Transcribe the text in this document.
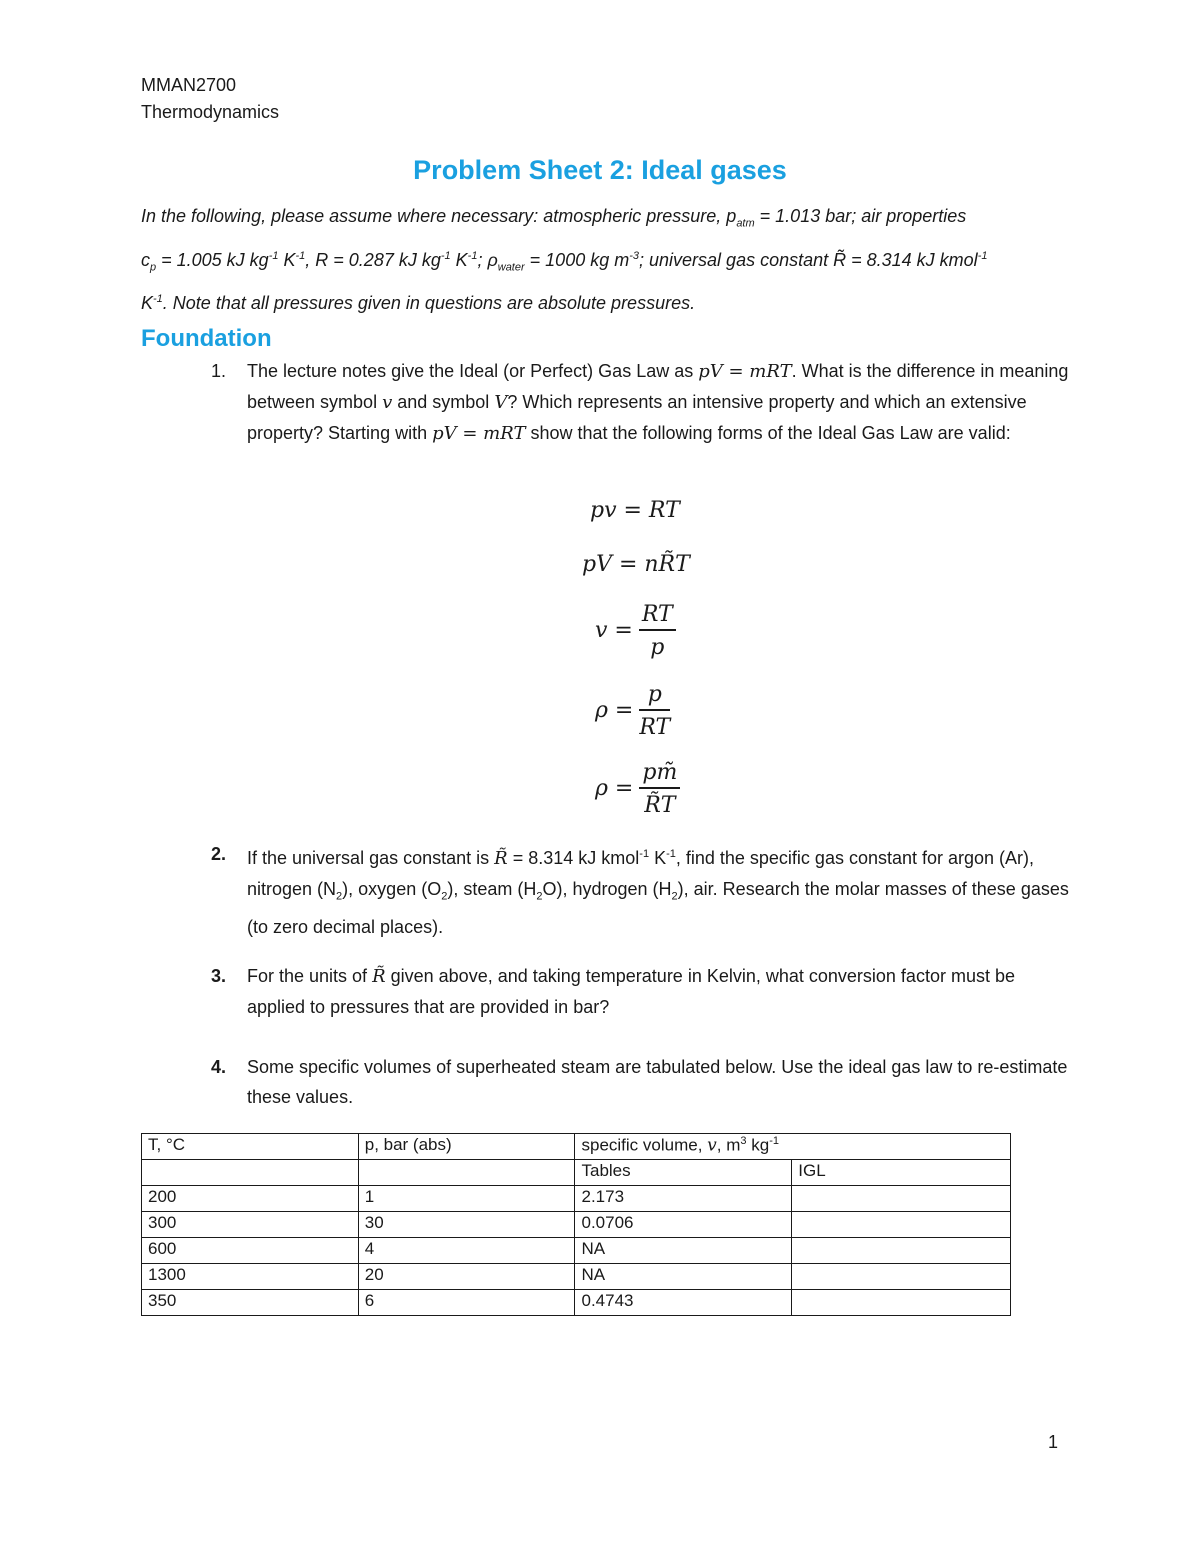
MMAN2700
Thermodynamics
Problem Sheet 2: Ideal gases
In the following, please assume where necessary: atmospheric pressure, $p_{atm} = 1.013$ bar; air properties
$c_p = 1.005$ kJ $kg^{-1}$ $K^{-1}$, R = 0.287 kJ $kg^{-1}$ $K^{-1}$; $\rho_{water} = 1000$ kg $m^{-3}$; universal gas constant R̃ = 8.314 kJ kmol$^{-1}$
$K^{-1}$. Note that all pressures given in questions are absolute pressures.
Foundation
1. The lecture notes give the Ideal (or Perfect) Gas Law as pV = mRT. What is the difference in meaning between symbol v and symbol V? Which represents an intensive property and which an extensive property? Starting with pV = mRT show that the following forms of the Ideal Gas Law are valid:
pv = RT
pV = nR̃T
$v = \frac{RT}{p}$
$\rho = \frac{p}{RT}$
$\rho = \frac{pm̃}{R̃T}$
2. If the universal gas constant is R̃ = 8.314 kJ kmol$^{-1}$ $K^{-1}$, find the specific gas constant for argon (Ar), nitrogen $(N_2)$, oxygen $(O_2)$, steam $(H_2O)$, hydrogen $(H_2)$, air. Research the molar masses of these gases (to zero decimal places).
3. For the units of R̃ given above, and taking temperature in Kelvin, what conversion factor must be applied to pressures that are provided in bar?
4. Some specific volumes of superheated steam are tabulated below. Use the ideal gas law to re-estimate these values.
T, °C	p, bar (abs)	specific volume, v, $m^3$ $kg^{-1}$
		Tables	IGL
200	1	2.173	
300	30	0.0706	
600	4	NA	
1300	20	NA	
350	6	0.4743	
1
